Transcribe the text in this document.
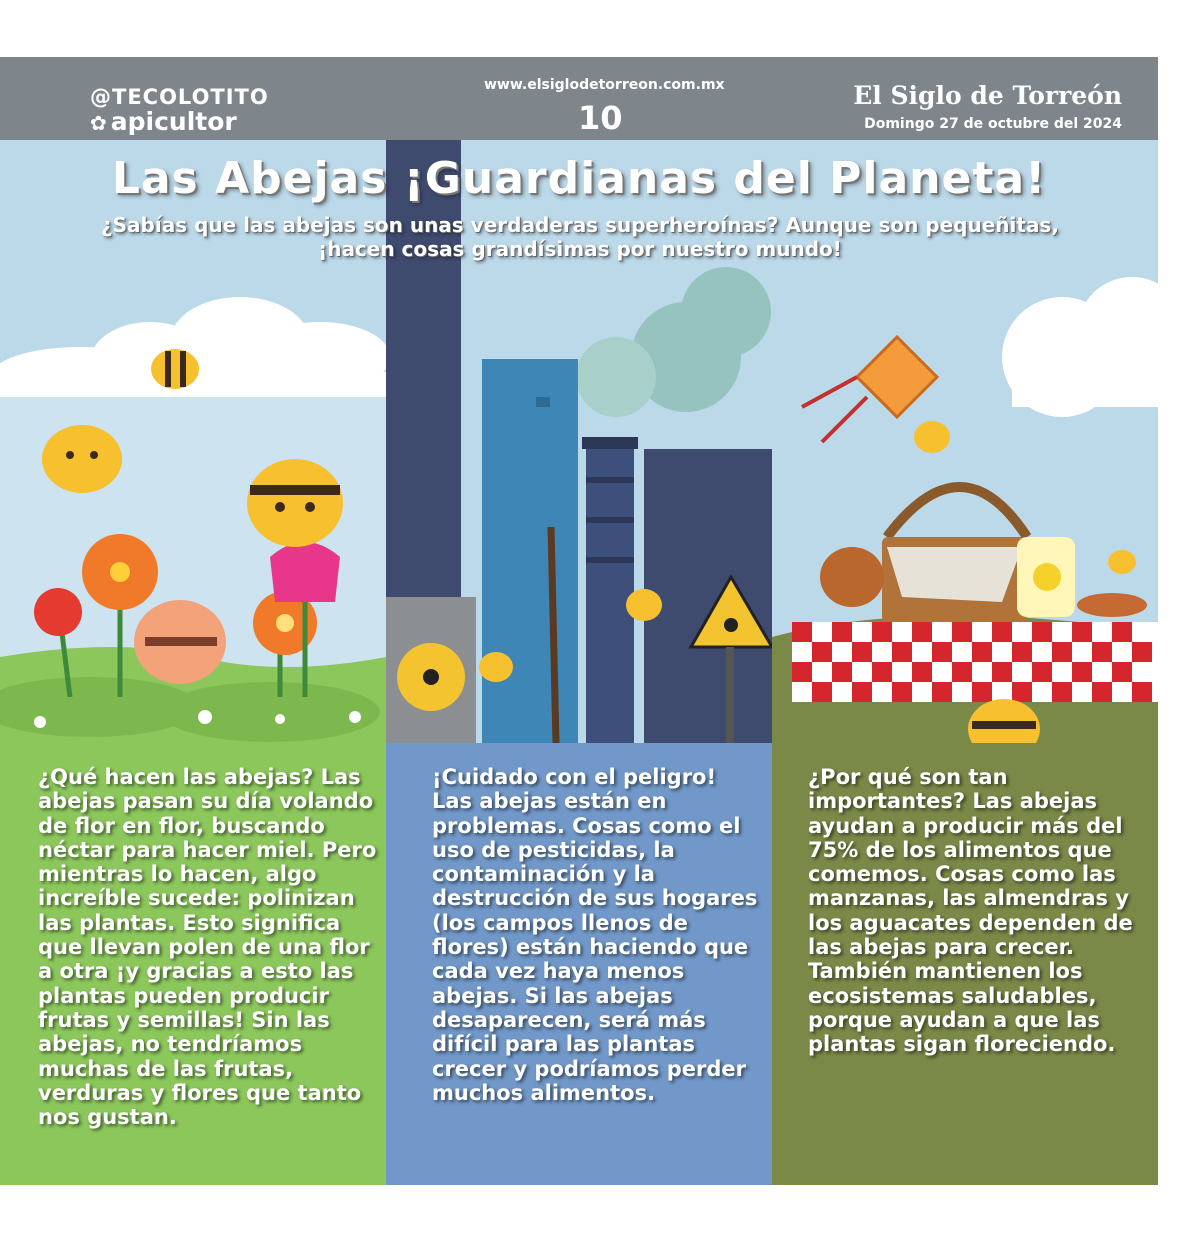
@TECOLOTITO
✿ apicultor
www.elsiglodetorreon.com.mx
10
El Siglo de Torreón
Domingo 27 de octubre del 2024
Las Abejas ¡Guardianas del Planeta!
¿Sabías que las abejas son unas verdaderas superheroínas? Aunque son pequeñitas, ¡hacen cosas grandísimas por nuestro mundo!

¿Qué hacen las abejas? Las abejas pasan su día volando de flor en flor, buscando néctar para hacer miel. Pero mientras lo hacen, algo increíble sucede: polinizan las plantas. Esto significa que llevan polen de una flor a otra ¡y gracias a esto las plantas pueden producir frutas y semillas! Sin las abejas, no tendríamos muchas de las frutas, verduras y flores que tanto nos gustan.

¡Cuidado con el peligro! Las abejas están en problemas. Cosas como el uso de pesticidas, la contaminación y la destrucción de sus hogares (los campos llenos de flores) están haciendo que cada vez haya menos abejas. Si las abejas desaparecen, será más difícil para las plantas crecer y podríamos perder muchos alimentos.

¿Por qué son tan importantes? Las abejas ayudan a producir más del 75% de los alimentos que comemos. Cosas como las manzanas, las almendras y los aguacates dependen de las abejas para crecer. También mantienen los ecosistemas saludables, porque ayudan a que las plantas sigan floreciendo.
